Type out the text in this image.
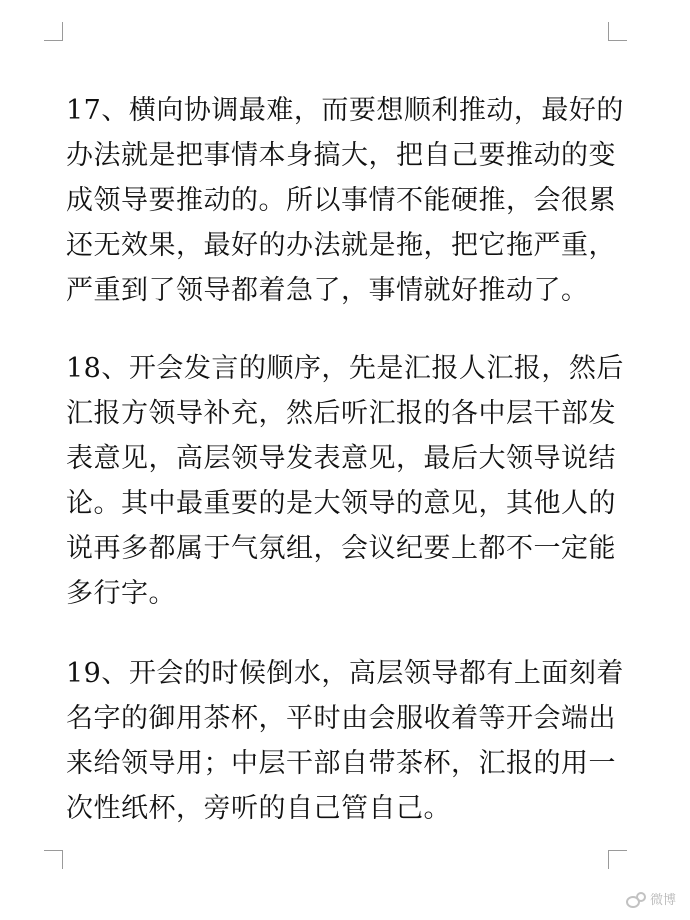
17、横向协调最难，而要想顺利推动，最好的
办法就是把事情本身搞大，把自己要推动的变
成领导要推动的。所以事情不能硬推，会很累
还无效果，最好的办法就是拖，把它拖严重，
严重到了领导都着急了，事情就好推动了。
18、开会发言的顺序，先是汇报人汇报，然后
汇报方领导补充，然后听汇报的各中层干部发
表意见，高层领导发表意见，最后大领导说结
论。其中最重要的是大领导的意见，其他人的
说再多都属于气氛组，会议纪要上都不一定能
多行字。
19、开会的时候倒水，高层领导都有上面刻着
名字的御用茶杯，平时由会服收着等开会端出
来给领导用；中层干部自带茶杯，汇报的用一
次性纸杯，旁听的自己管自己。
微博
